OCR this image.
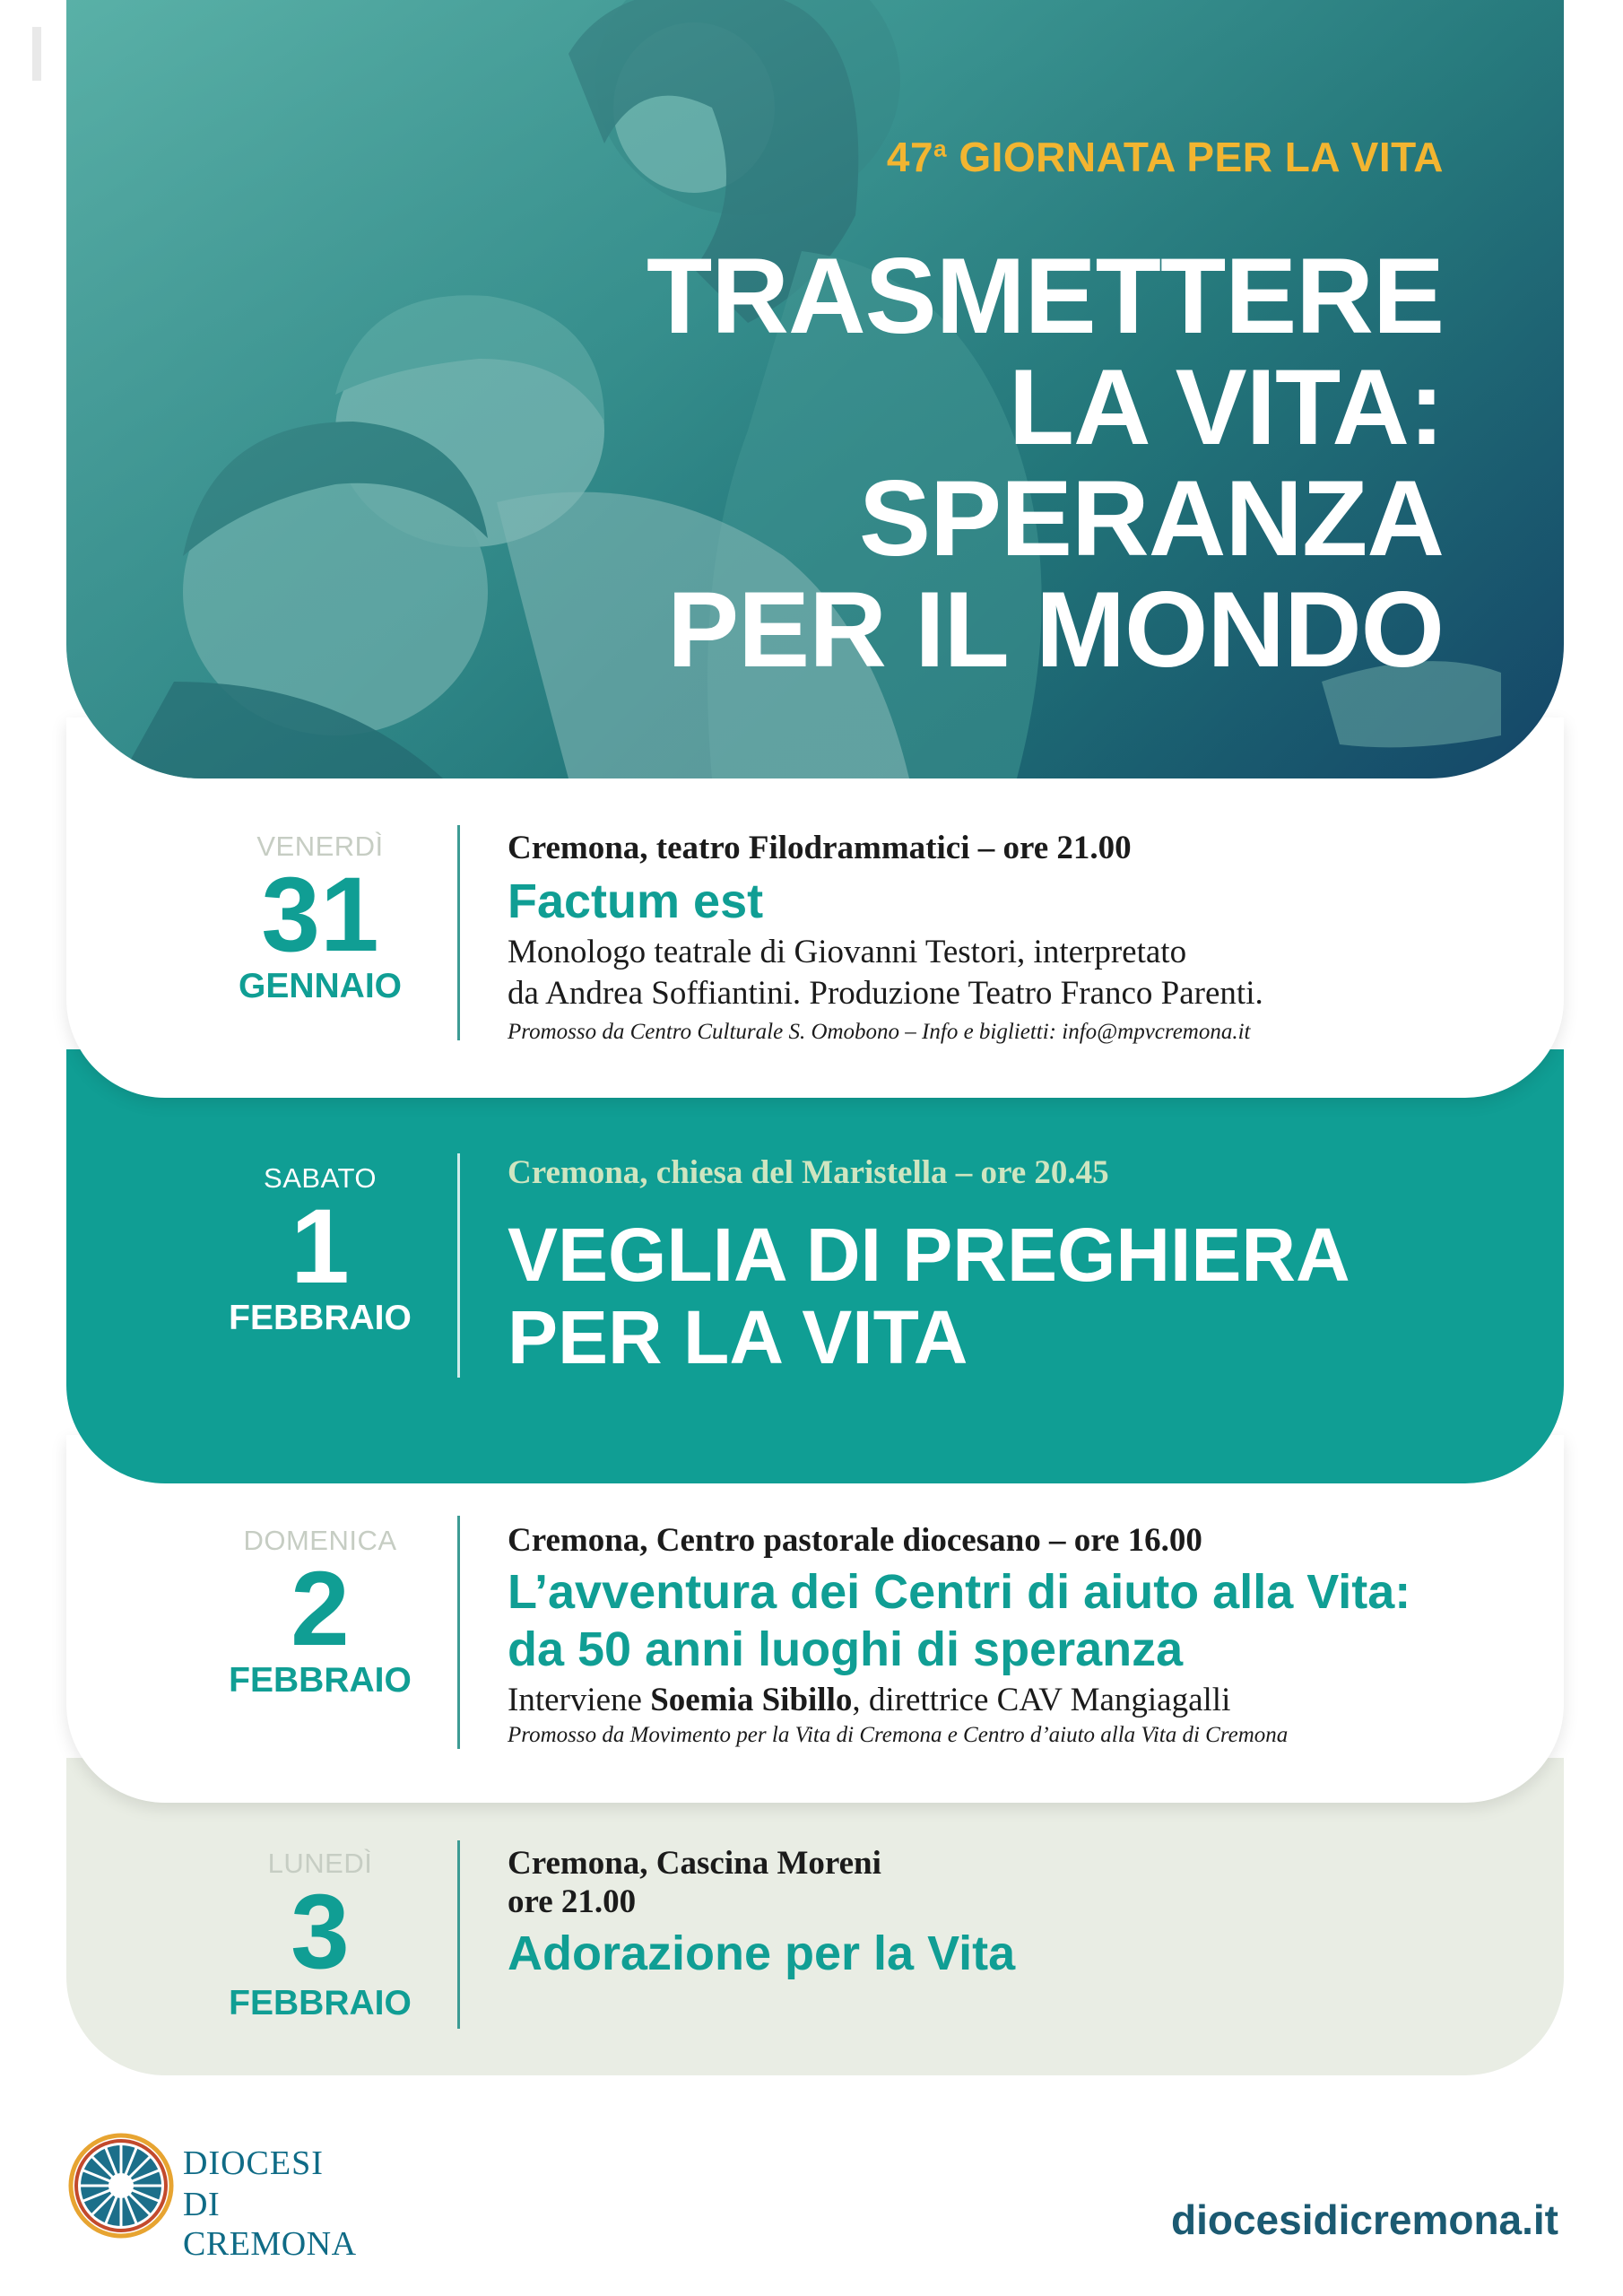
47$^a$ GIORNATA PER LA VITA
TRASMETTERE
LA VITA:
SPERANZA
PER IL MONDO
VENERDÌ
31
GENNAIO
Cremona, teatro Filodrammatici – ore 21.00
Factum est
Monologo teatrale di Giovanni Testori, interpretato
da Andrea Soffiantini. Produzione Teatro Franco Parenti.
Promosso da Centro Culturale S. Omobono – Info e biglietti: info@mpvcremona.it
SABATO
1
FEBBRAIO
Cremona, chiesa del Maristella – ore 20.45
VEGLIA DI PREGHIERA
PER LA VITA
DOMENICA
2
FEBBRAIO
Cremona, Centro pastorale diocesano – ore 16.00
L’avventura dei Centri di aiuto alla Vita:
da 50 anni luoghi di speranza
Interviene Soemia Sibillo, direttrice CAV Mangiagalli
Promosso da Movimento per la Vita di Cremona e Centro d’aiuto alla Vita di Cremona
LUNEDÌ
3
FEBBRAIO
Cremona, Cascina Moreni
ore 21.00
Adorazione per la Vita
DIOCESI
DI CREMONA
diocesidicremona.it
